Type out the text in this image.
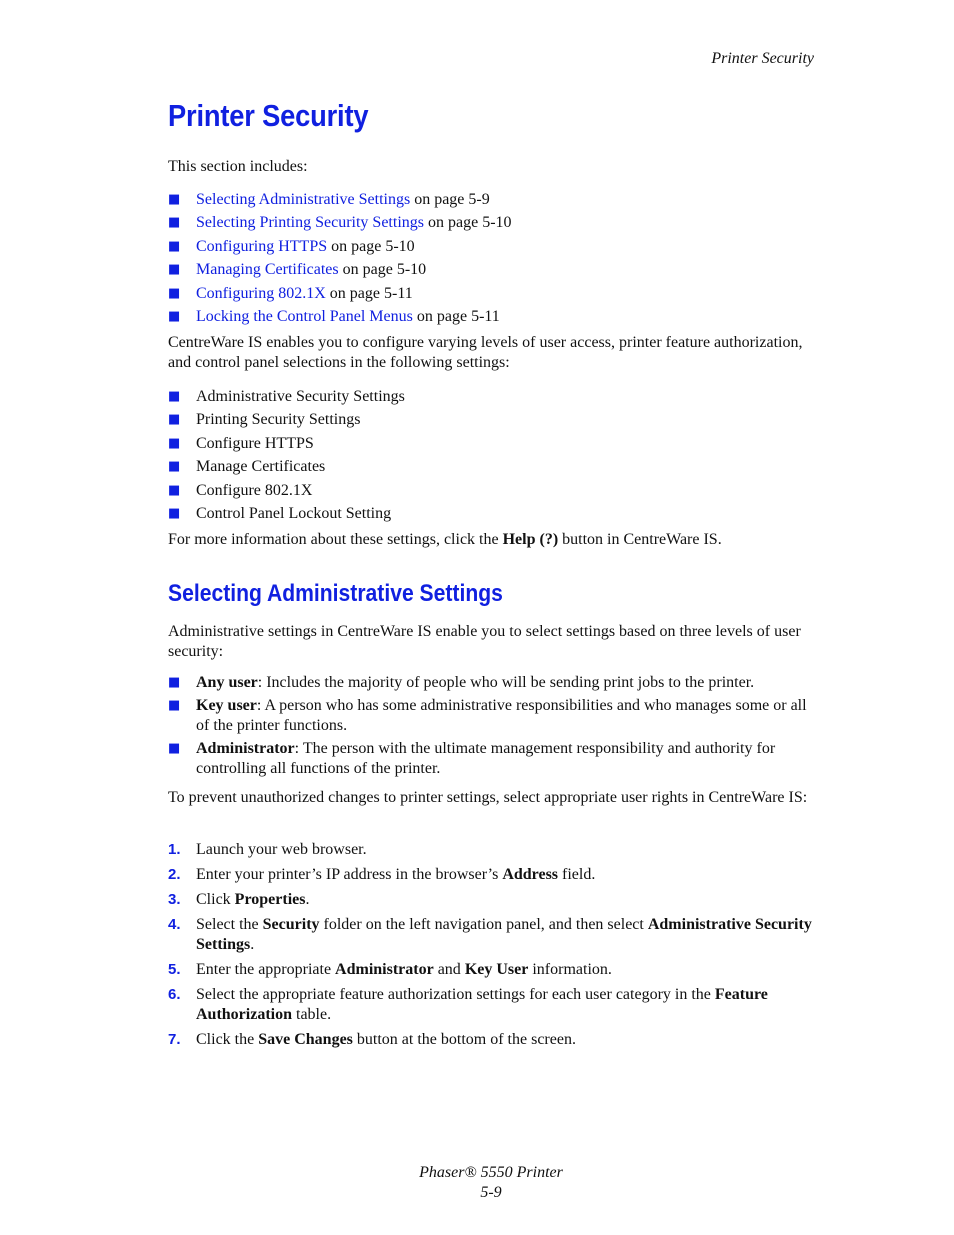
Printer Security
Printer Security
This section includes:
■ Selecting Administrative Settings on page 5-9
■ Selecting Printing Security Settings on page 5-10
■ Configuring HTTPS on page 5-10
■ Managing Certificates on page 5-10
■ Configuring 802.1X on page 5-11
■ Locking the Control Panel Menus on page 5-11
CentreWare IS enables you to configure varying levels of user access, printer feature authorization, and control panel selections in the following settings:
■ Administrative Security Settings
■ Printing Security Settings
■ Configure HTTPS
■ Manage Certificates
■ Configure 802.1X
■ Control Panel Lockout Setting
For more information about these settings, click the Help (?) button in CentreWare IS.
Selecting Administrative Settings
Administrative settings in CentreWare IS enable you to select settings based on three levels of user security:
■ Any user: Includes the majority of people who will be sending print jobs to the printer.
■ Key user: A person who has some administrative responsibilities and who manages some or all of the printer functions.
■ Administrator: The person with the ultimate management responsibility and authority for controlling all functions of the printer.
To prevent unauthorized changes to printer settings, select appropriate user rights in CentreWare IS:
1. Launch your web browser.
2. Enter your printer’s IP address in the browser’s Address field.
3. Click Properties.
4. Select the Security folder on the left navigation panel, and then select Administrative Security Settings.
5. Enter the appropriate Administrator and Key User information.
6. Select the appropriate feature authorization settings for each user category in the Feature Authorization table.
7. Click the Save Changes button at the bottom of the screen.
Phaser® 5550 Printer
5-9
